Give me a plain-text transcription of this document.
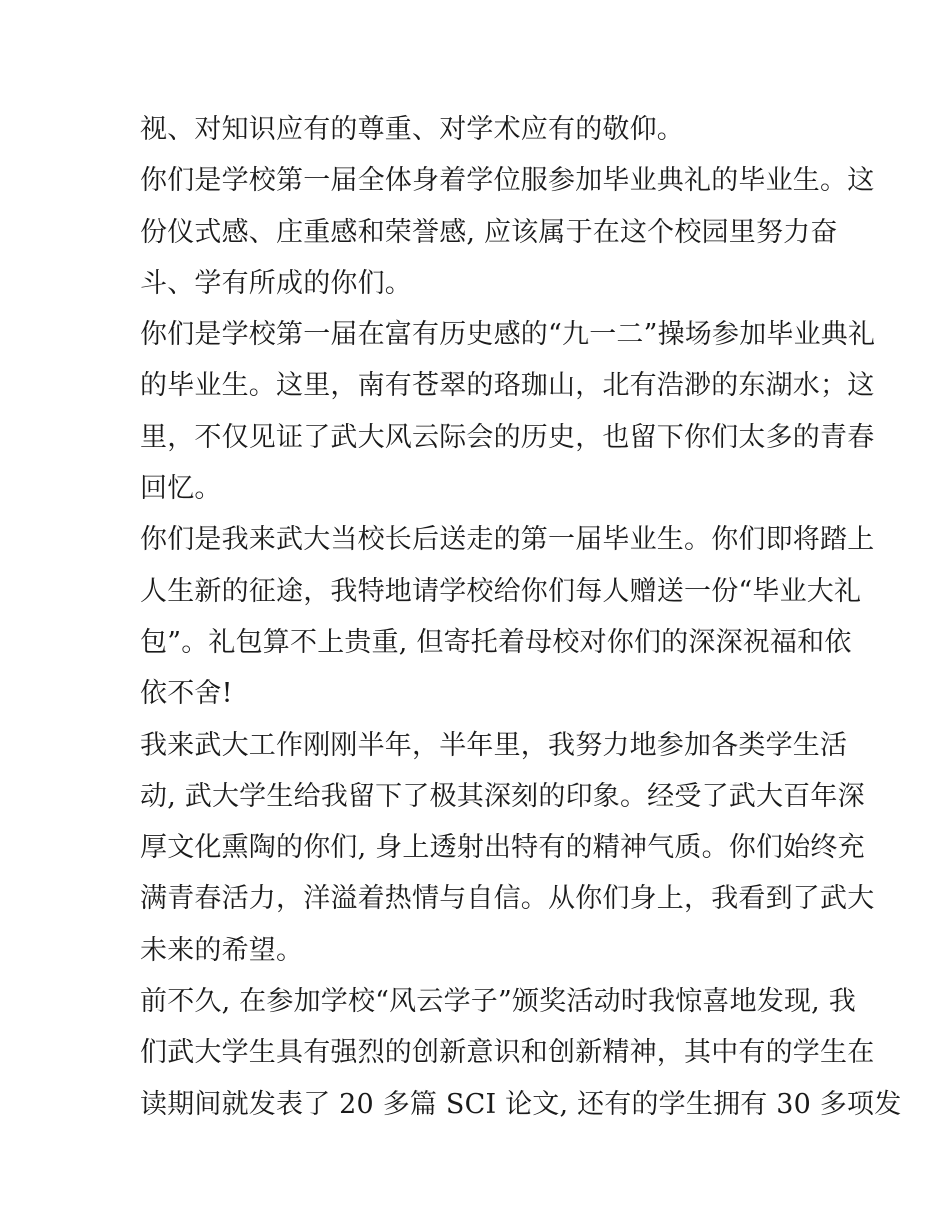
视、对知识应有的尊重、对学术应有的敬仰。
你们是学校第一届全体身着学位服参加毕业典礼的毕业生。这
份仪式感、庄重感和荣誉感, 应该属于在这个校园里努力奋
斗、学有所成的你们。
你们是学校第一届在富有历史感的“九一二”操场参加毕业典礼
的毕业生。这里，南有苍翠的珞珈山，北有浩渺的东湖水；这
里，不仅见证了武大风云际会的历史，也留下你们太多的青春
回忆。
你们是我来武大当校长后送走的第一届毕业生。你们即将踏上
人生新的征途，我特地请学校给你们每人赠送一份“毕业大礼
包”。礼包算不上贵重, 但寄托着母校对你们的深深祝福和依
依不舍!
我来武大工作刚刚半年，半年里，我努力地参加各类学生活
动, 武大学生给我留下了极其深刻的印象。经受了武大百年深
厚文化熏陶的你们, 身上透射出特有的精神气质。你们始终充
满青春活力，洋溢着热情与自信。从你们身上，我看到了武大
未来的希望。
前不久, 在参加学校“风云学子”颁奖活动时我惊喜地发现, 我
们武大学生具有强烈的创新意识和创新精神，其中有的学生在
读期间就发表了 20 多篇 SCI 论文, 还有的学生拥有 30 多项发
